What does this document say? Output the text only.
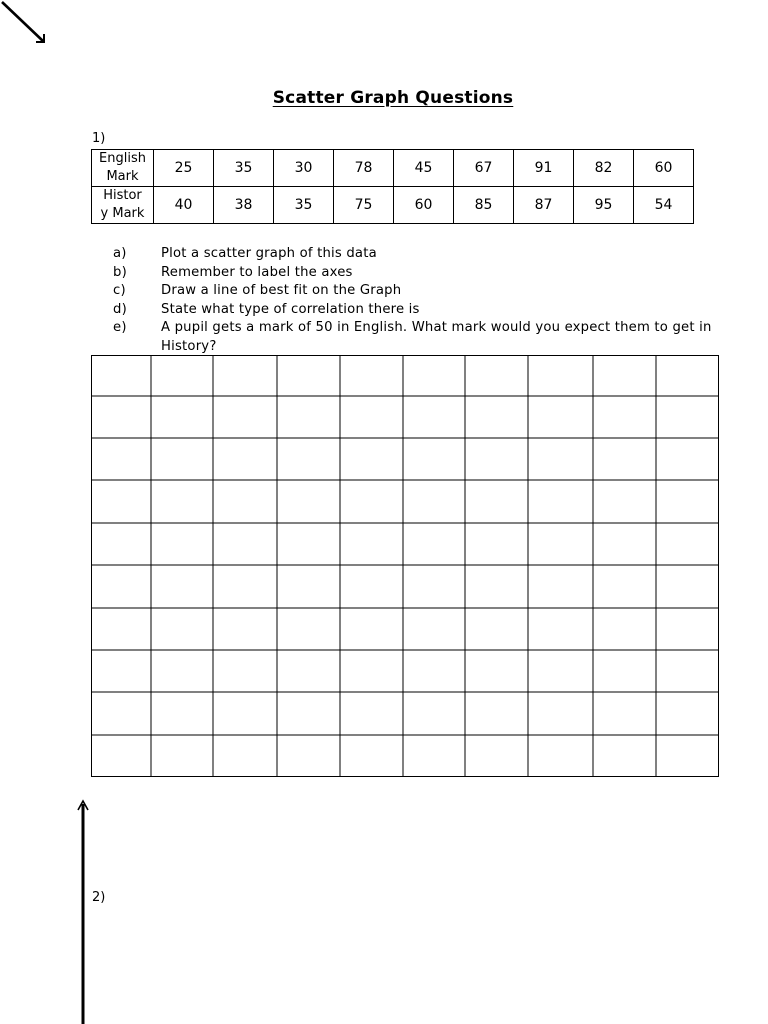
Scatter Graph Questions
1)
English
Mark	25	35	30	78	45	67	91	82	60

Histor
y Mark	40	38	35	75	60	85	87	95	54
a)	Plot a scatter graph of this data
b)	Remember to label the axes
c)	Draw a line of best fit on the Graph
d)	State what type of correlation there is
e)	A pupil gets a mark of 50 in English. What mark would you expect them to get in History?
2)
